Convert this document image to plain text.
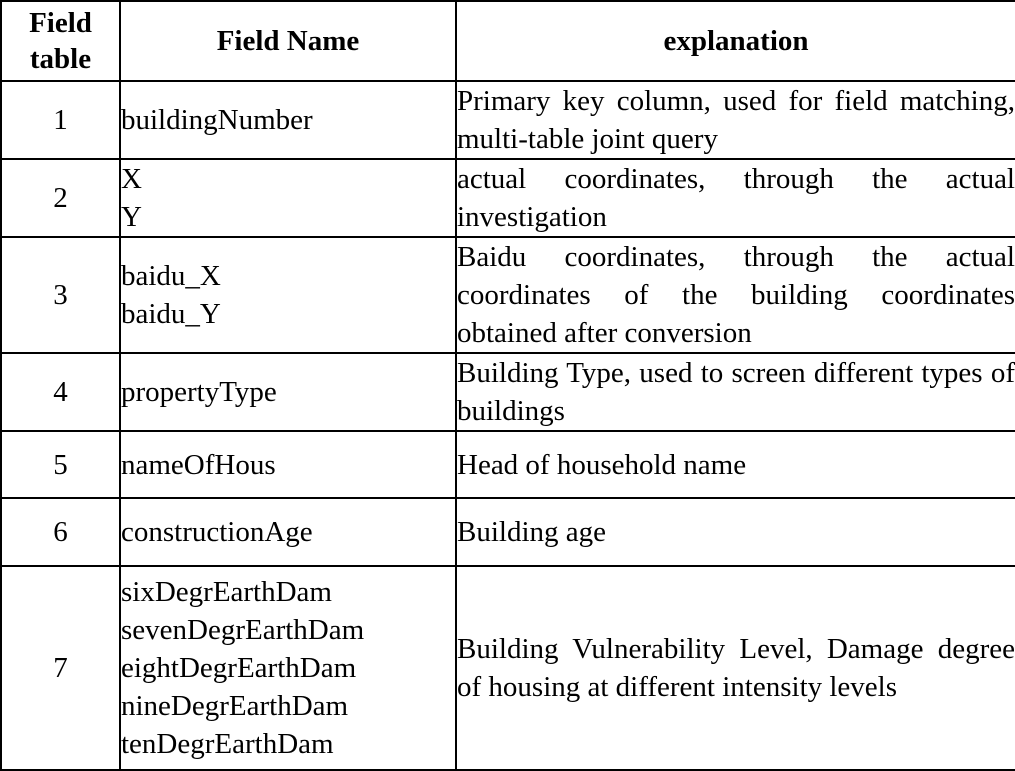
Field
table	Field Name	explanation
1	buildingNumber	Primary key column, used for field matching, multi-table joint query

2	X
Y	actual coordinates, through the actual investigation

3	baidu_X
baidu_Y	Baidu coordinates, through the actual coordinates of the building coordinates obtained after conversion

4	propertyType	Building Type, used to screen different types of buildings

5	nameOfHous	Head of household name

6	constructionAge	Building age

7	sixDegrEarthDam
sevenDegrEarthDam
eightDegrEarthDam
nineDegrEarthDam
tenDegrEarthDam	Building Vulnerability Level, Damage degree of housing at different intensity levels
